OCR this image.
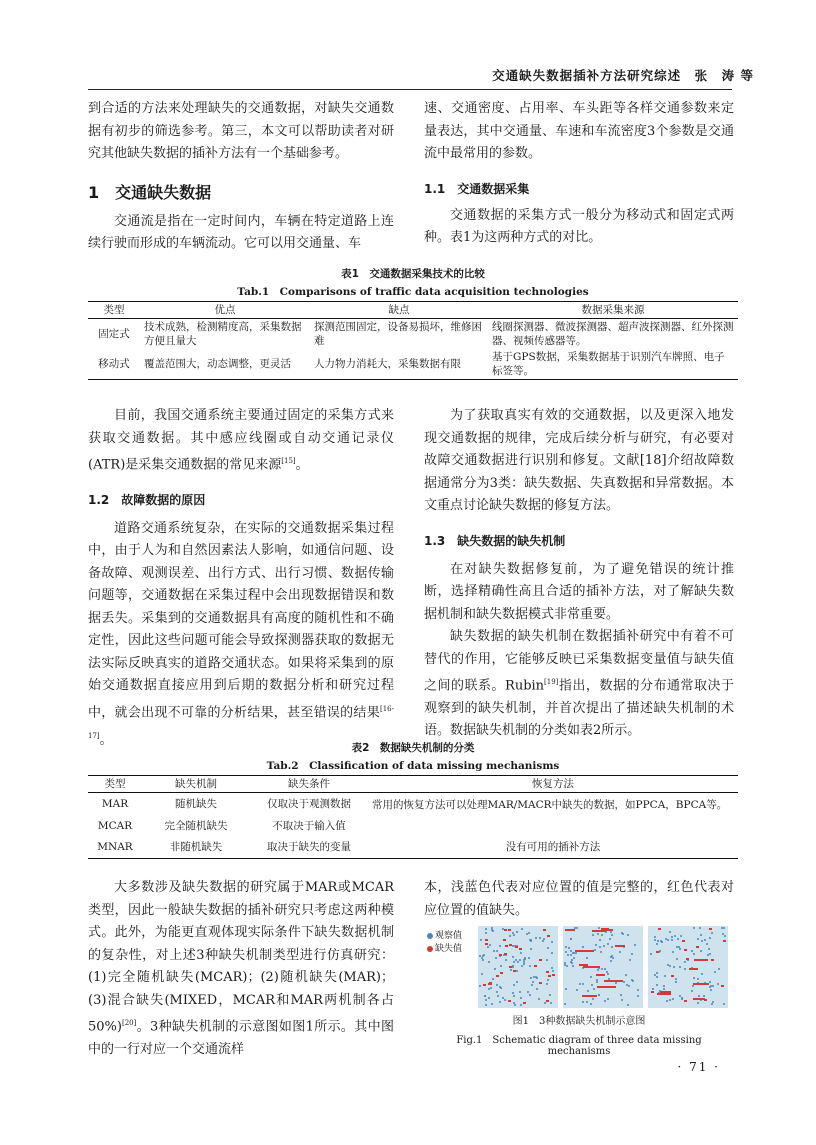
交通缺失数据插补方法研究综述　张　涛 等

到合适的方法来处理缺失的交通数据，对缺失交通数据有初步的筛选参考。第三，本文可以帮助读者对研究其他缺失数据的插补方法有一个基础参考。

1　交通缺失数据

交通流是指在一定时间内，车辆在特定道路上连续行驶而形成的车辆流动。它可以用交通量、车

速、交通密度、占用率、车头距等各样交通参数来定量表达，其中交通量、车速和车流密度3个参数是交通流中最常用的参数。

1.1　交通数据采集

交通数据的采集方式一般分为移动式和固定式两种。表1为这两种方式的对比。

表1　交通数据采集技术的比较
Tab.1　Comparisons of traffic data acquisition technologies
类型	优点	缺点	数据采集来源
固定式	技术成熟，检测精度高，采集数据方便且量大	探测范围固定，设备易损坏，维修困难	线圈探测器、微波探测器、超声波探测器、红外探测器、视频传感器等。
移动式	覆盖范围大，动态调整，更灵活	人力物力消耗大，采集数据有限	基于GPS数据，采集数据基于识别汽车牌照、电子标签等。

目前，我国交通系统主要通过固定的采集方式来获取交通数据。其中感应线圈或自动交通记录仪(ATR)是采集交通数据的常见来源[15]。

1.2　故障数据的原因

道路交通系统复杂，在实际的交通数据采集过程中，由于人为和自然因素法人影响，如通信问题、设备故障、观测误差、出行方式、出行习惯、数据传输问题等，交通数据在采集过程中会出现数据错误和数据丢失。采集到的交通数据具有高度的随机性和不确定性，因此这些问题可能会导致探测器获取的数据无法实际反映真实的道路交通状态。如果将采集到的原始交通数据直接应用到后期的数据分析和研究过程中，就会出现不可靠的分析结果，甚至错误的结果[16-17]。

为了获取真实有效的交通数据，以及更深入地发现交通数据的规律，完成后续分析与研究，有必要对故障交通数据进行识别和修复。文献[18]介绍故障数据通常分为3类：缺失数据、失真数据和异常数据。本文重点讨论缺失数据的修复方法。

1.3　缺失数据的缺失机制

在对缺失数据修复前，为了避免错误的统计推断，选择精确性高且合适的插补方法，对了解缺失数据机制和缺失数据模式非常重要。

缺失数据的缺失机制在数据插补研究中有着不可替代的作用，它能够反映已采集数据变量值与缺失值之间的联系。Rubin[19]指出，数据的分布通常取决于观察到的缺失机制，并首次提出了描述缺失机制的术语。数据缺失机制的分类如表2所示。

表2　数据缺失机制的分类
Tab.2　Classification of data missing mechanisms
类型	缺失机制	缺失条件	恢复方法
MAR	随机缺失	仅取决于观测数据	常用的恢复方法可以处理MAR/MACR中缺失的数据，如PPCA，BPCA等。
MCAR	完全随机缺失	不取决于输入值	
MNAR	非随机缺失	取决于缺失的变量	没有可用的插补方法

大多数涉及缺失数据的研究属于MAR或MCAR类型，因此一般缺失数据的插补研究只考虑这两种模式。此外，为能更直观体现实际条件下缺失数据机制的复杂性，对上述3种缺失机制类型进行仿真研究：(1)完全随机缺失(MCAR)；(2)随机缺失(MAR)；(3)混合缺失(MIXED，MCAR和MAR两机制各占50%)[20]。3种缺失机制的示意图如图1所示。其中图中的一行对应一个交通流样

本，浅蓝色代表对应位置的值是完整的，红色代表对应位置的值缺失。

观察值
缺失值
图1　3种数据缺失机制示意图
Fig.1　Schematic diagram of three data missing mechanisms
· 71 ·
